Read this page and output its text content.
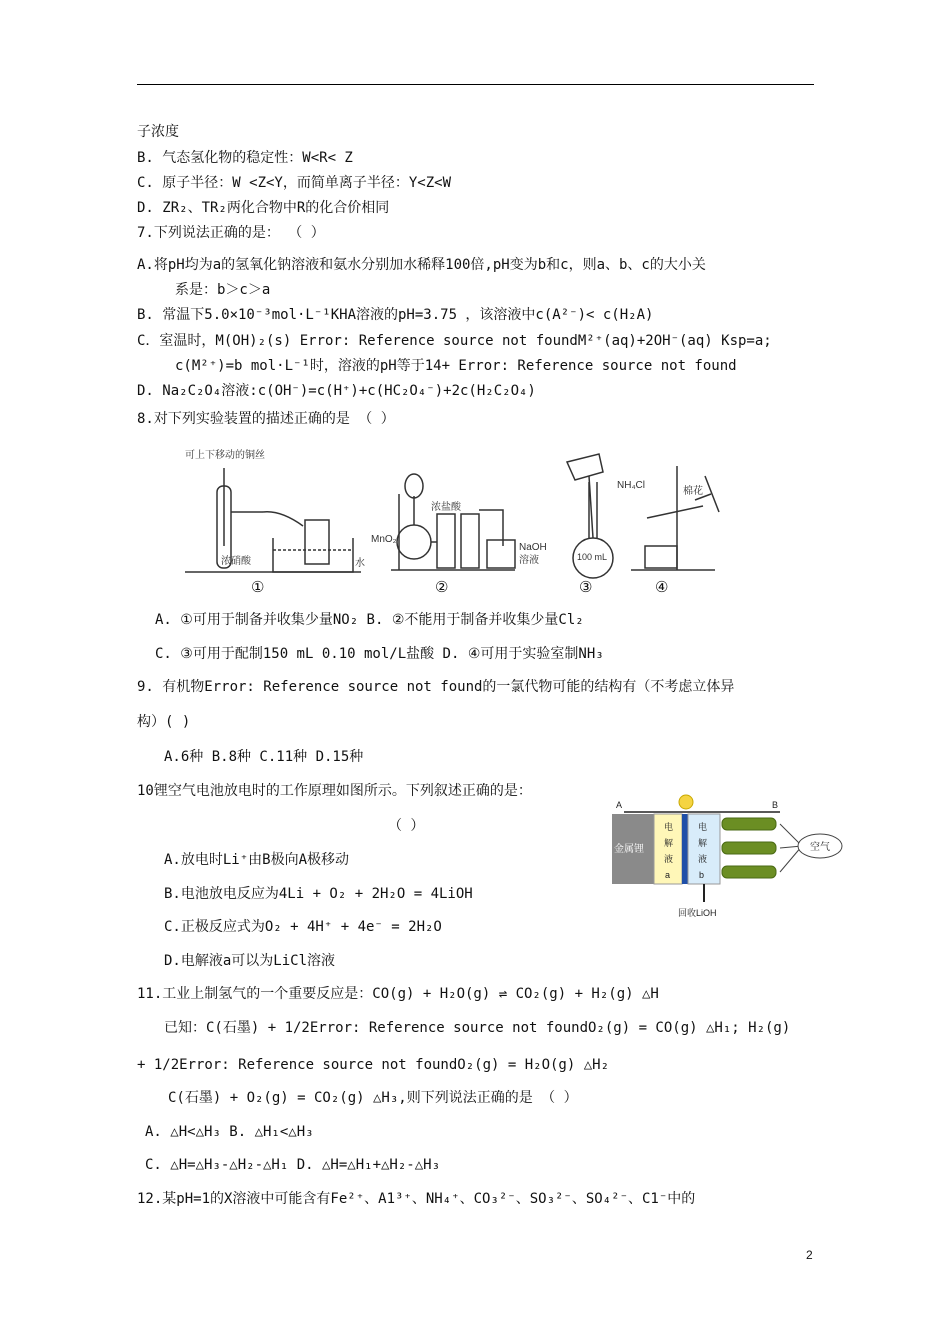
子浓度
B. 气态氢化物的稳定性：W<R< Z
C. 原子半径：W <Z<Y，而简单离子半径：Y<Z<W
D. ZR₂、TR₂两化合物中R的化合价相同
7.下列说法正确的是： （ ）
A.将pH均为a的氢氧化钠溶液和氨水分别加水稀释100倍,pH变为b和c，则a、b、c的大小关
系是：b＞c＞a
B. 常温下5.0×10⁻³mol·L⁻¹KHA溶液的pH=3.75 ，该溶液中c(A²⁻)< c(H₂A)
C．室温时，M(OH)₂(s) Error: Reference source not foundM²⁺(aq)+2OH⁻(aq) Ksp=a;
c(M²⁺)=b mol·L⁻¹时，溶液的pH等于14+ Error: Reference source not found
D. Na₂C₂O₄溶液:c(OH⁻)=c(H⁺)+c(HC₂O₄⁻)+2c(H₂C₂O₄)
8.对下列实验装置的描述正确的是 （ ）
可上下移动的铜丝
浓硝酸	水
MnO₂
浓盐酸
NaOH
溶液	100 mL
NH₄Cl
棉花
①	②	③	④
A. ①可用于制备并收集少量NO₂ B. ②不能用于制备并收集少量Cl₂
C. ③可用于配制150 mL 0.10 mol/L盐酸 D. ④可用于实验室制NH₃
9. 有机物Error: Reference source not found的一氯代物可能的结构有（不考虑立体异
构）( )
A.6种 B.8种 C.11种 D.15种
10锂空气电池放电时的工作原理如图所示。下列叙述正确的是：
（ ）
A.放电时Li⁺由B极向A极移动
B.电池放电反应为4Li + O₂ + 2H₂O = 4LiOH
C.正极反应式为O₂ + 4H⁺ + 4e⁻ = 2H₂O
D.电解液a可以为LiCl溶液
A	B
金属锂
电
解
液
a
电
解
液
b
空气
回收LiOH
11.工业上制氢气的一个重要反应是：CO(g) + H₂O(g) ⇌ CO₂(g) + H₂(g) △H
已知：C(石墨) + 1/2Error: Reference source not foundO₂(g) = CO(g) △H₁; H₂(g)
+ 1/2Error: Reference source not foundO₂(g) = H₂O(g) △H₂
C(石墨) + O₂(g) = CO₂(g) △H₃,则下列说法正确的是 （ ）
A. △H<△H₃ B. △H₁<△H₃
C. △H=△H₃-△H₂-△H₁ D. △H=△H₁+△H₂-△H₃
12.某pH=1的X溶液中可能含有Fe²⁺、A1³⁺、NH₄⁺、CO₃²⁻、SO₃²⁻、SO₄²⁻、C1⁻中的
2
